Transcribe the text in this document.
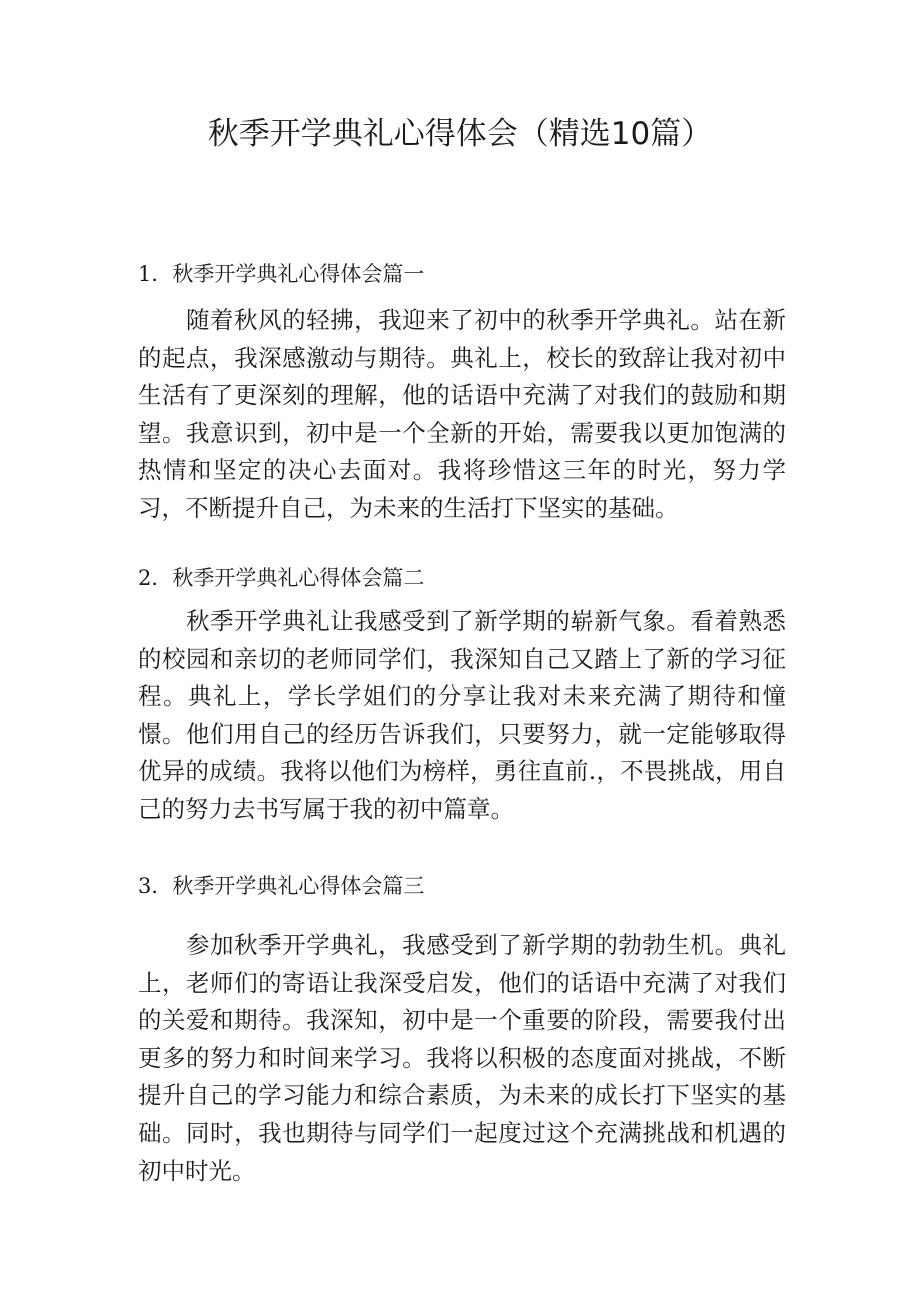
秋季开学典礼心得体会（精选10篇）
1．秋季开学典礼心得体会篇一

随着秋风的轻拂，我迎来了初中的秋季开学典礼。站在新的起点，我深感激动与期待。典礼上，校长的致辞让我对初中生活有了更深刻的理解，他的话语中充满了对我们的鼓励和期望。我意识到，初中是一个全新的开始，需要我以更加饱满的热情和坚定的决心去面对。我将珍惜这三年的时光，努力学习，不断提升自己，为未来的生活打下坚实的基础。

2．秋季开学典礼心得体会篇二

秋季开学典礼让我感受到了新学期的崭新气象。看着熟悉的校园和亲切的老师同学们，我深知自己又踏上了新的学习征程。典礼上，学长学姐们的分享让我对未来充满了期待和憧憬。他们用自己的经历告诉我们，只要努力，就一定能够取得优异的成绩。我将以他们为榜样，勇往直前.，不畏挑战，用自己的努力去书写属于我的初中篇章。

3．秋季开学典礼心得体会篇三

参加秋季开学典礼，我感受到了新学期的勃勃生机。典礼上，老师们的寄语让我深受启发，他们的话语中充满了对我们的关爱和期待。我深知，初中是一个重要的阶段，需要我付出更多的努力和时间来学习。我将以积极的态度面对挑战，不断提升自己的学习能力和综合素质，为未来的成长打下坚实的基础。同时，我也期待与同学们一起度过这个充满挑战和机遇的初中时光。
